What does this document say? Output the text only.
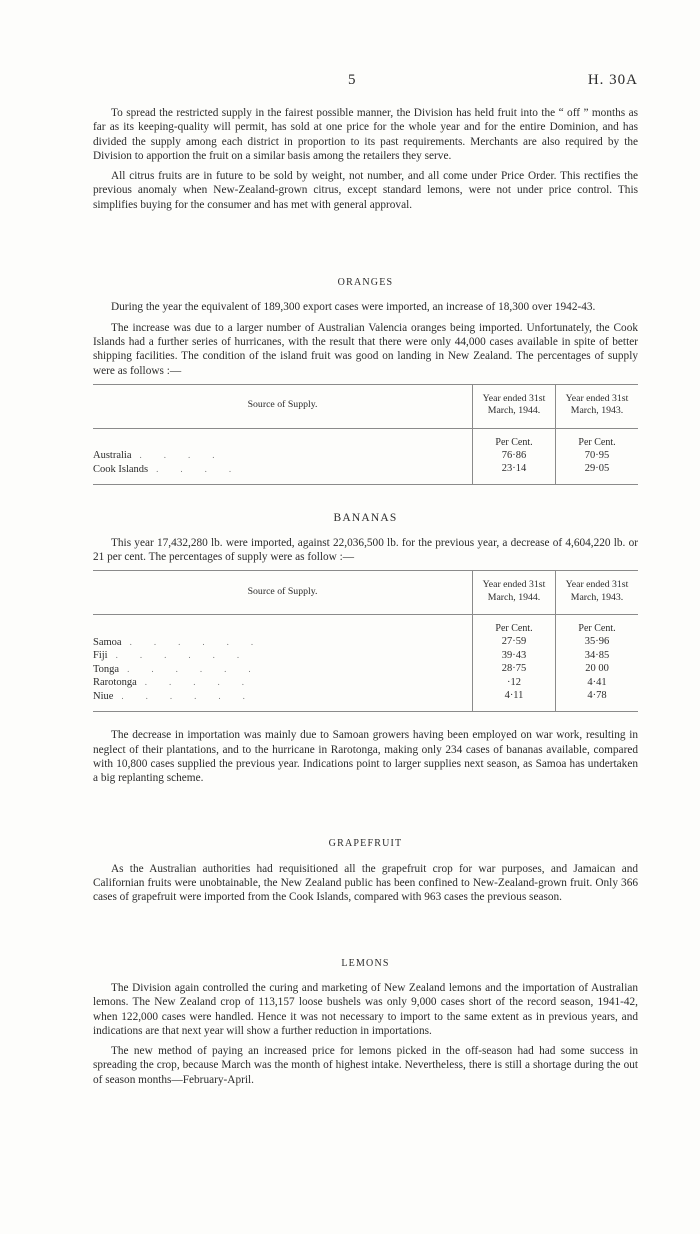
5	H. 30A

To spread the restricted supply in the fairest possible manner, the Division has held fruit into the “ off ” months as far as its keeping-quality will permit, has sold at one price for the whole year and for the entire Dominion, and has divided the supply among each district in proportion to its past requirements. Merchants are also required by the Division to apportion the fruit on a similar basis among the retailers they serve.

All citrus fruits are in future to be sold by weight, not number, and all come under Price Order. This rectifies the previous anomaly when New-Zealand-grown citrus, except standard lemons, were not under price control. This simplifies buying for the consumer and has met with general approval.

ORANGES

During the year the equivalent of 189,300 export cases were imported, an increase of 18,300 over 1942-43.

The increase was due to a larger number of Australian Valencia oranges being imported. Unfortunately, the Cook Islands had a further series of hurricanes, with the result that there were only 44,000 cases available in spite of better shipping facilities. The condition of the island fruit was good on landing in New Zealand. The percentages of supply were as follows :—

Source of Supply.	Year ended 31st March, 1944.	Year ended 31st March, 1943.

	Per Cent.	Per Cent.
Australia ....	76·86	70·95
Cook Islands ....	23·14	29·05

BANANAS

This year 17,432,280 lb. were imported, against 22,036,500 lb. for the previous year, a decrease of 4,604,220 lb. or 21 per cent. The percentages of supply were as follow :—

Source of Supply.	Year ended 31st March, 1944.	Year ended 31st March, 1943.

	Per Cent.	Per Cent.
Samoa ......	27·59	35·96
Fiji ......	39·43	34·85
Tonga ......	28·75	20 00
Rarotonga .....	·12	4·41
Niue ......	4·11	4·78

The decrease in importation was mainly due to Samoan growers having been employed on war work, resulting in neglect of their plantations, and to the hurricane in Rarotonga, making only 234 cases of bananas available, compared with 10,800 cases supplied the previous year. Indications point to larger supplies next season, as Samoa has undertaken a big replanting scheme.

GRAPEFRUIT

As the Australian authorities had requisitioned all the grapefruit crop for war purposes, and Jamaican and Californian fruits were unobtainable, the New Zealand public has been confined to New-Zealand-grown fruit. Only 366 cases of grapefruit were imported from the Cook Islands, compared with 963 cases the previous season.

LEMONS

The Division again controlled the curing and marketing of New Zealand lemons and the importation of Australian lemons. The New Zealand crop of 113,157 loose bushels was only 9,000 cases short of the record season, 1941-42, when 122,000 cases were handled. Hence it was not necessary to import to the same extent as in previous years, and indications are that next year will show a further reduction in importations.

The new method of paying an increased price for lemons picked in the off-season had had some success in spreading the crop, because March was the month of highest intake. Nevertheless, there is still a shortage during the out of season months—February-April.
